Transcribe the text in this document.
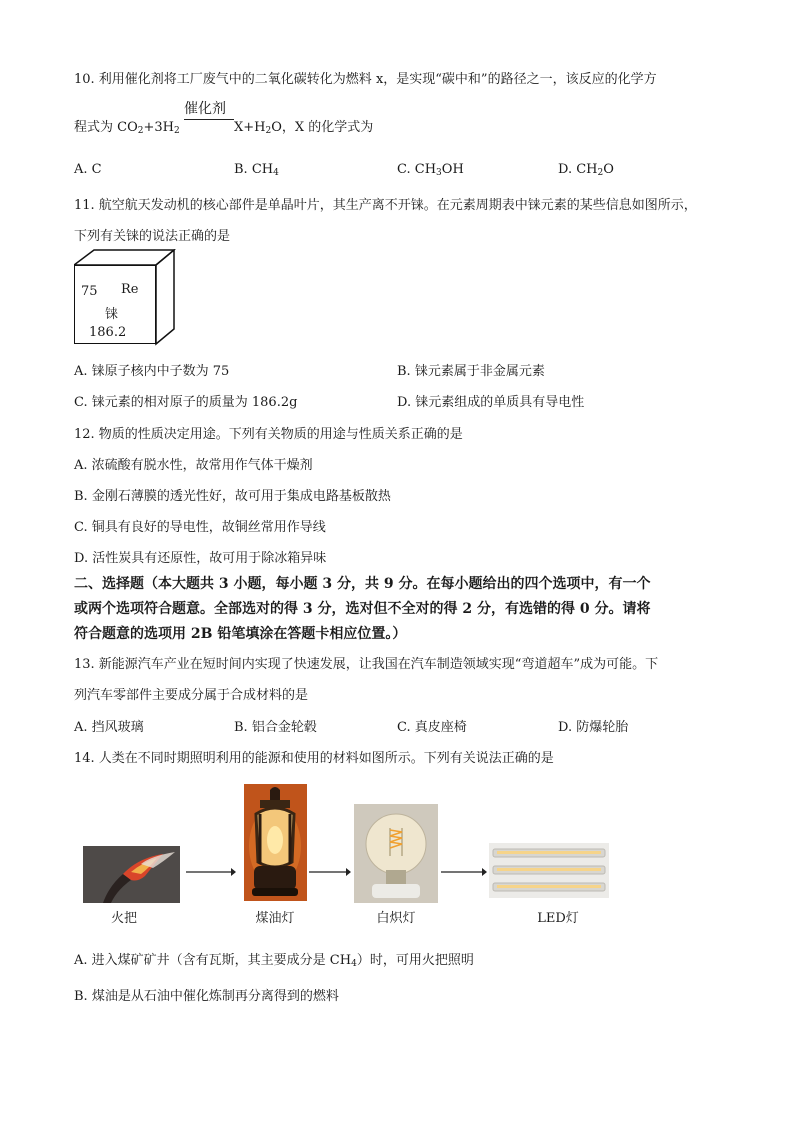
10. 利用催化剂将工厂废气中的二氧化碳转化为燃料 x，是实现“碳中和”的路径之一，该反应的化学方
程式为 $CO_2+3H_2$
催化剂
$X+H_2O$，X 的化学式为
A. C	B. $CH_4$	C. $CH_3OH$	D. $CH_2O$
11. 航空航天发动机的核心部件是单晶叶片，其生产离不开铼。在元素周期表中铼元素的某些信息如图所示，
下列有关铼的说法正确的是
75 Re
铼
186.2
A. 铼原子核内中子数为 75	B. 铼元素属于非金属元素
C. 铼元素的相对原子的质量为 186.2g	D. 铼元素组成的单质具有导电性
12. 物质的性质决定用途。下列有关物质的用途与性质关系正确的是
A. 浓硫酸有脱水性，故常用作气体干燥剂
B. 金刚石薄膜的透光性好，故可用于集成电路基板散热
C. 铜具有良好的导电性，故铜丝常用作导线
D. 活性炭具有还原性，故可用于除冰箱异味
二、选择题（本大题共 3 小题，每小题 3 分，共 9 分。在每小题给出的四个选项中，有一个
或两个选项符合题意。全部选对的得 3 分，选对但不全对的得 2 分，有选错的得 0 分。请将
符合题意的选项用 2B 铅笔填涂在答题卡相应位置。）
13. 新能源汽车产业在短时间内实现了快速发展，让我国在汽车制造领域实现“弯道超车”成为可能。下
列汽车零部件主要成分属于合成材料的是
A. 挡风玻璃	B. 铝合金轮毂	C. 真皮座椅	D. 防爆轮胎
14. 人类在不同时期照明利用的能源和使用的材料如图所示。下列有关说法正确的是
火把	煤油灯	白炽灯	LED灯
A. 进入煤矿矿井（含有瓦斯，其主要成分是 $CH_4$）时，可用火把照明
B. 煤油是从石油中催化炼制再分离得到的燃料
